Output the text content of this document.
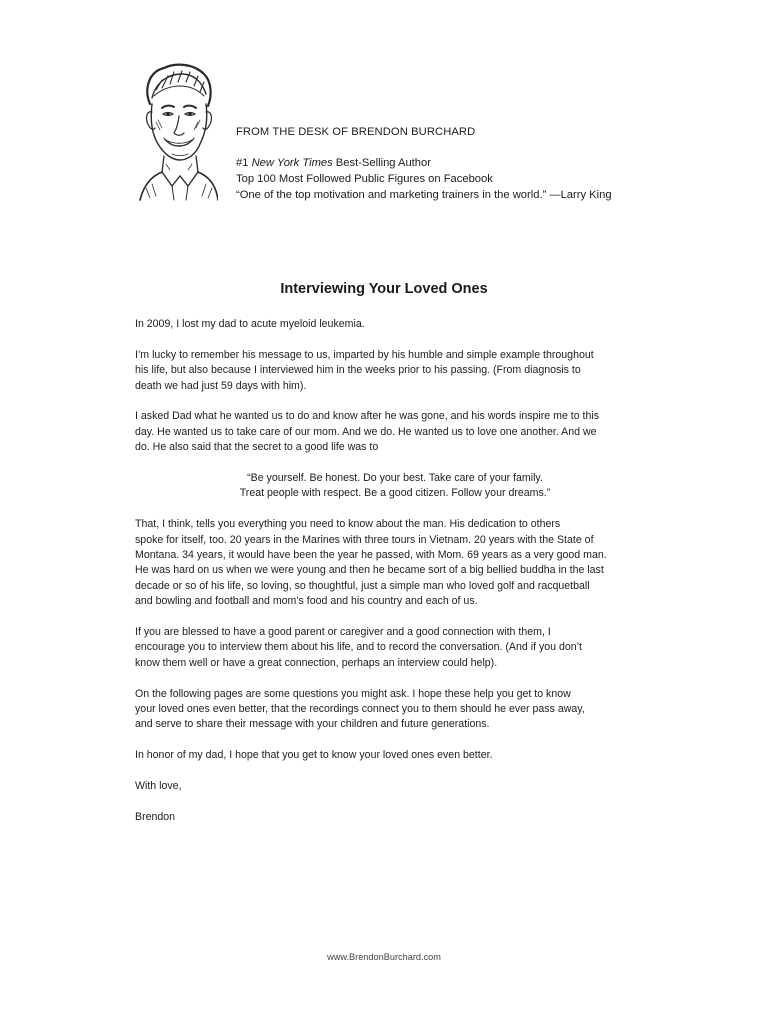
FROM THE DESK OF BRENDON BURCHARD

#1 New York Times Best-Selling Author

Top 100 Most Followed Public Figures on Facebook

“One of the top motivation and marketing trainers in the world.” —Larry King

Interviewing Your Loved Ones

In 2009, I lost my dad to acute myeloid leukemia.

I’m lucky to remember his message to us, imparted by his humble and simple example throughout
his life, but also because I interviewed him in the weeks prior to his passing. (From diagnosis to
death we had just 59 days with him).

I asked Dad what he wanted us to do and know after he was gone, and his words inspire me to this
day. He wanted us to take care of our mom. And we do. He wanted us to love one another. And we
do. He also said that the secret to a good life was to

“Be yourself. Be honest. Do your best. Take care of your family.
Treat people with respect. Be a good citizen. Follow your dreams.”

That, I think, tells you everything you need to know about the man. His dedication to others
spoke for itself, too. 20 years in the Marines with three tours in Vietnam. 20 years with the State of
Montana. 34 years, it would have been the year he passed, with Mom. 69 years as a very good man.
He was hard on us when we were young and then he became sort of a big bellied buddha in the last
decade or so of his life, so loving, so thoughtful, just a simple man who loved golf and racquetball
and bowling and football and mom’s food and his country and each of us.

If you are blessed to have a good parent or caregiver and a good connection with them, I
encourage you to interview them about his life, and to record the conversation. (And if you don’t
know them well or have a great connection, perhaps an interview could help).

On the following pages are some questions you might ask. I hope these help you get to know
your loved ones even better, that the recordings connect you to them should he ever pass away,
and serve to share their message with your children and future generations.

In honor of my dad, I hope that you get to know your loved ones even better.

With love,

Brendon

www.BrendonBurchard.com
